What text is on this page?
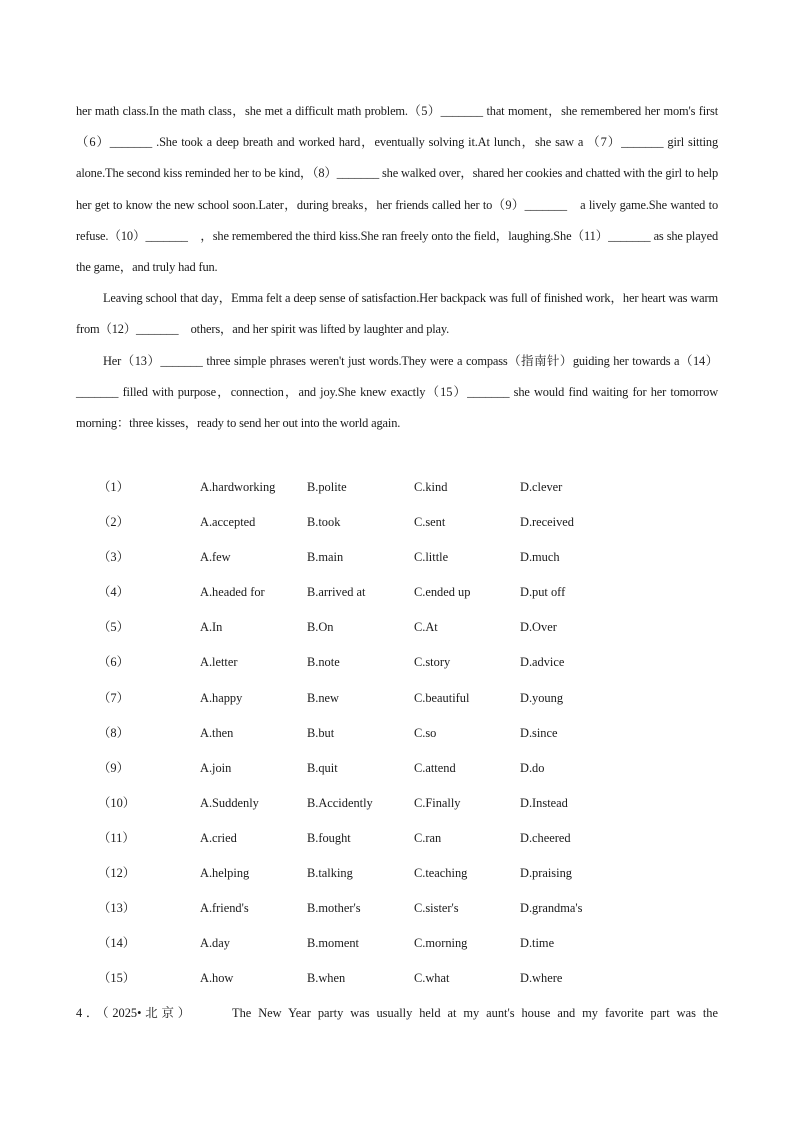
her math class.In the math class，she met a difficult math problem.（5）_______ that moment，she remembered her mom's first（6）_______ .She took a deep breath and worked hard，eventually solving it.At lunch，she saw a （7）_______ girl sitting alone.The second kiss reminded her to be kind，（8）_______ she walked over，shared her cookies and chatted with the girl to help her get to know the new school soon.Later，during breaks，her friends called her to（9）_______　a lively game.She wanted to refuse.（10）_______　，she remembered the third kiss.She ran freely onto the field，laughing.She（11）_______ as she played the game，and truly had fun.

Leaving school that day，Emma felt a deep sense of satisfaction.Her backpack was full of finished work，her heart was warm from（12）_______　others，and her spirit was lifted by laughter and play.

Her（13）_______ three simple phrases weren't just words.They were a compass（指南针）guiding her towards a（14）_______ filled with purpose，connection，and joy.She knew exactly（15）_______ she would find waiting for her tomorrow morning：three kisses，ready to send her out into the world again.

（1）	A.hardworking	B.polite	C.kind	D.clever
（2）	A.accepted	B.took	C.sent	D.received
（3）	A.few	B.main	C.little	D.much
（4）	A.headed for	B.arrived at	C.ended up	D.put off
（5）	A.In	B.On	C.At	D.Over
（6）	A.letter	B.note	C.story	D.advice
（7）	A.happy	B.new	C.beautiful	D.young
（8）	A.then	B.but	C.so	D.since
（9）	A.join	B.quit	C.attend	D.do
（10）	A.Suddenly	B.Accidently	C.Finally	D.Instead
（11）	A.cried	B.fought	C.ran	D.cheered
（12）	A.helping	B.talking	C.teaching	D.praising
（13）	A.friend's	B.mother's	C.sister's	D.grandma's
（14）	A.day	B.moment	C.morning	D.time
（15）	A.how	B.when	C.what	D.where
4．（2025•北京）	The New Year party was usually held at my aunt's house and my favorite part was the
